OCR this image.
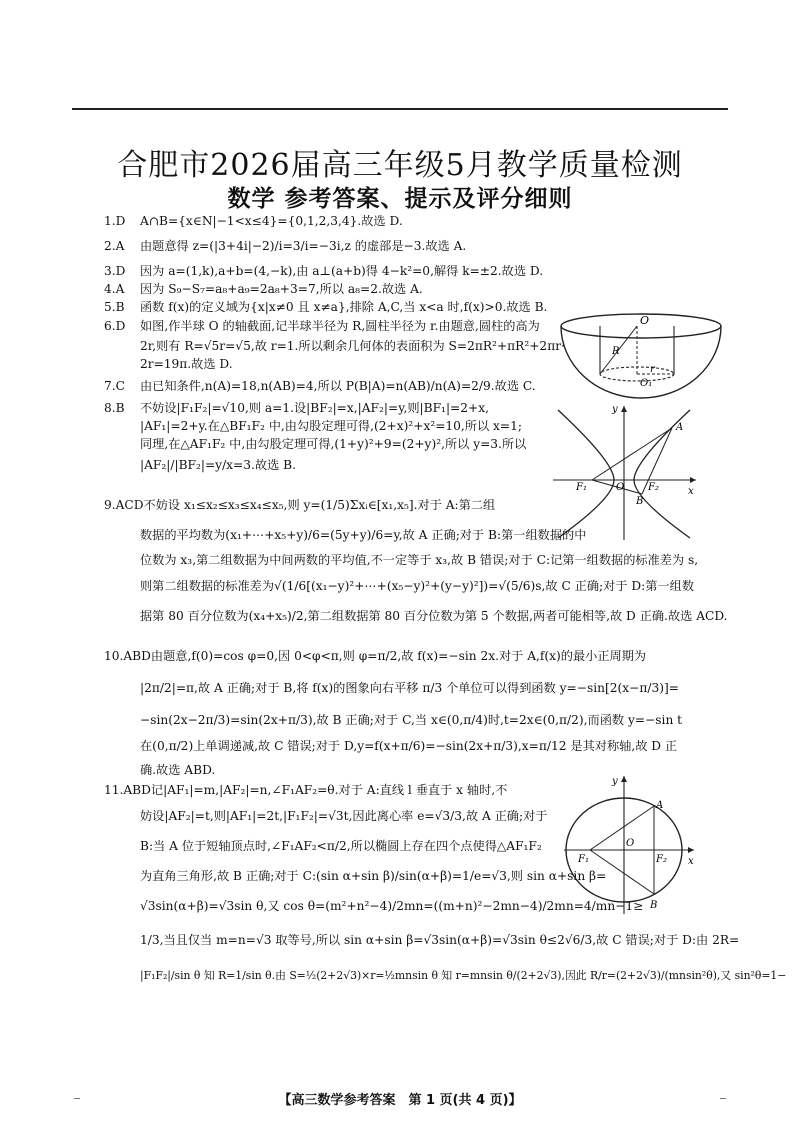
合肥市2026届高三年级5月教学质量检测
数学 参考答案、提示及评分细则
1.D A∩B={x∈N|−1<x≤4}={0,1,2,3,4}.故选 D.
2.A 由题意得 z=(|3+4i|−2)/i=3/i=−3i,z 的虚部是−3.故选 A.
3.D 因为 a=(1,k),a+b=(4,−k),由 a⊥(a+b)得 4−k²=0,解得 k=±2.故选 D.
4.A 因为 S₉−S₇=a₈+a₉=2a₈+3=7,所以 a₈=2.故选 A.
5.B 函数 f(x)的定义域为{x|x≠0 且 x≠a},排除 A,C,当 x<a 时,f(x)>0.故选 B.
6.D 如图,作半球 O 的轴截面,记半球半径为 R,圆柱半径为 r.由题意,圆柱的高为
2r,则有 R=√5r=√5,故 r=1.所以剩余几何体的表面积为 S=2πR²+πR²+2πr·
2r=19π.故选 D.
7.C 由已知条件,n(A)=18,n(AB)=4,所以 P(B|A)=n(AB)/n(A)=2/9.故选 C.
8.B 不妨设|F₁F₂|=√10,则 a=1.设|BF₂|=x,|AF₂|=y,则|BF₁|=2+x,
|AF₁|=2+y.在△BF₁F₂ 中,由勾股定理可得,(2+x)²+x²=10,所以 x=1;
同理,在△AF₁F₂ 中,由勾股定理可得,(1+y)²+9=(2+y)²,所以 y=3.所以
|AF₂|/|BF₂|=y/x=3.故选 B.
9.ACD不妨设 x₁≤x₂≤x₃≤x₄≤x₅,则 y=(1/5)Σxᵢ∈[x₁,x₅].对于 A:第二组
数据的平均数为(x₁+⋯+x₅+y)/6=(5y+y)/6=y,故 A 正确;对于 B:第一组数据的中
位数为 x₃,第二组数据为中间两数的平均值,不一定等于 x₃,故 B 错误;对于 C:记第一组数据的标准差为 s,
则第二组数据的标准差为√(1/6[(x₁−y)²+⋯+(x₅−y)²+(y−y)²])=√(5/6)s,故 C 正确;对于 D:第一组数
据第 80 百分位数为(x₄+x₅)/2,第二组数据第 80 百分位数为第 5 个数据,两者可能相等,故 D 正确.故选 ACD.
10.ABD由题意,f(0)=cos φ=0,因 0<φ<π,则 φ=π/2,故 f(x)=−sin 2x.对于 A,f(x)的最小正周期为
|2π/2|=π,故 A 正确;对于 B,将 f(x)的图象向右平移 π/3 个单位可以得到函数 y=−sin[2(x−π/3)]=
−sin(2x−2π/3)=sin(2x+π/3),故 B 正确;对于 C,当 x∈(0,π/4)时,t=2x∈(0,π/2),而函数 y=−sin t
在(0,π/2)上单调递减,故 C 错误;对于 D,y=f(x+π/6)=−sin(2x+π/3),x=π/12 是其对称轴,故 D 正
确.故选 ABD.
11.ABD记|AF₁|=m,|AF₂|=n,∠F₁AF₂=θ.对于 A:直线 l 垂直于 x 轴时,不
妨设|AF₂|=t,则|AF₁|=2t,|F₁F₂|=√3t,因此离心率 e=√3/3,故 A 正确;对于
B:当 A 位于短轴顶点时,∠F₁AF₂<π/2,所以椭圆上存在四个点使得△AF₁F₂
为直角三角形,故 B 正确;对于 C:(sin α+sin β)/sin(α+β)=1/e=√3,则 sin α+sin β=
√3sin(α+β)=√3sin θ,又 cos θ=(m²+n²−4)/2mn=((m+n)²−2mn−4)/2mn=4/mn−1≥
1/3,当且仅当 m=n=√3 取等号,所以 sin α+sin β=√3sin(α+β)=√3sin θ≤2√6/3,故 C 错误;对于 D:由 2R=
|F₁F₂|/sin θ 知 R=1/sin θ.由 S=½(2+2√3)×r=½mnsin θ 知 r=mnsin θ/(2+2√3),因此 R/r=(2+2√3)/(mnsin²θ),又 sin²θ=1−
O
R
r
O₁
y
A
F₁	O F₂	x
B
y
A
F₁
O
F₂ x
B
【高三数学参考答案　第 1 页(共 4 页)】
